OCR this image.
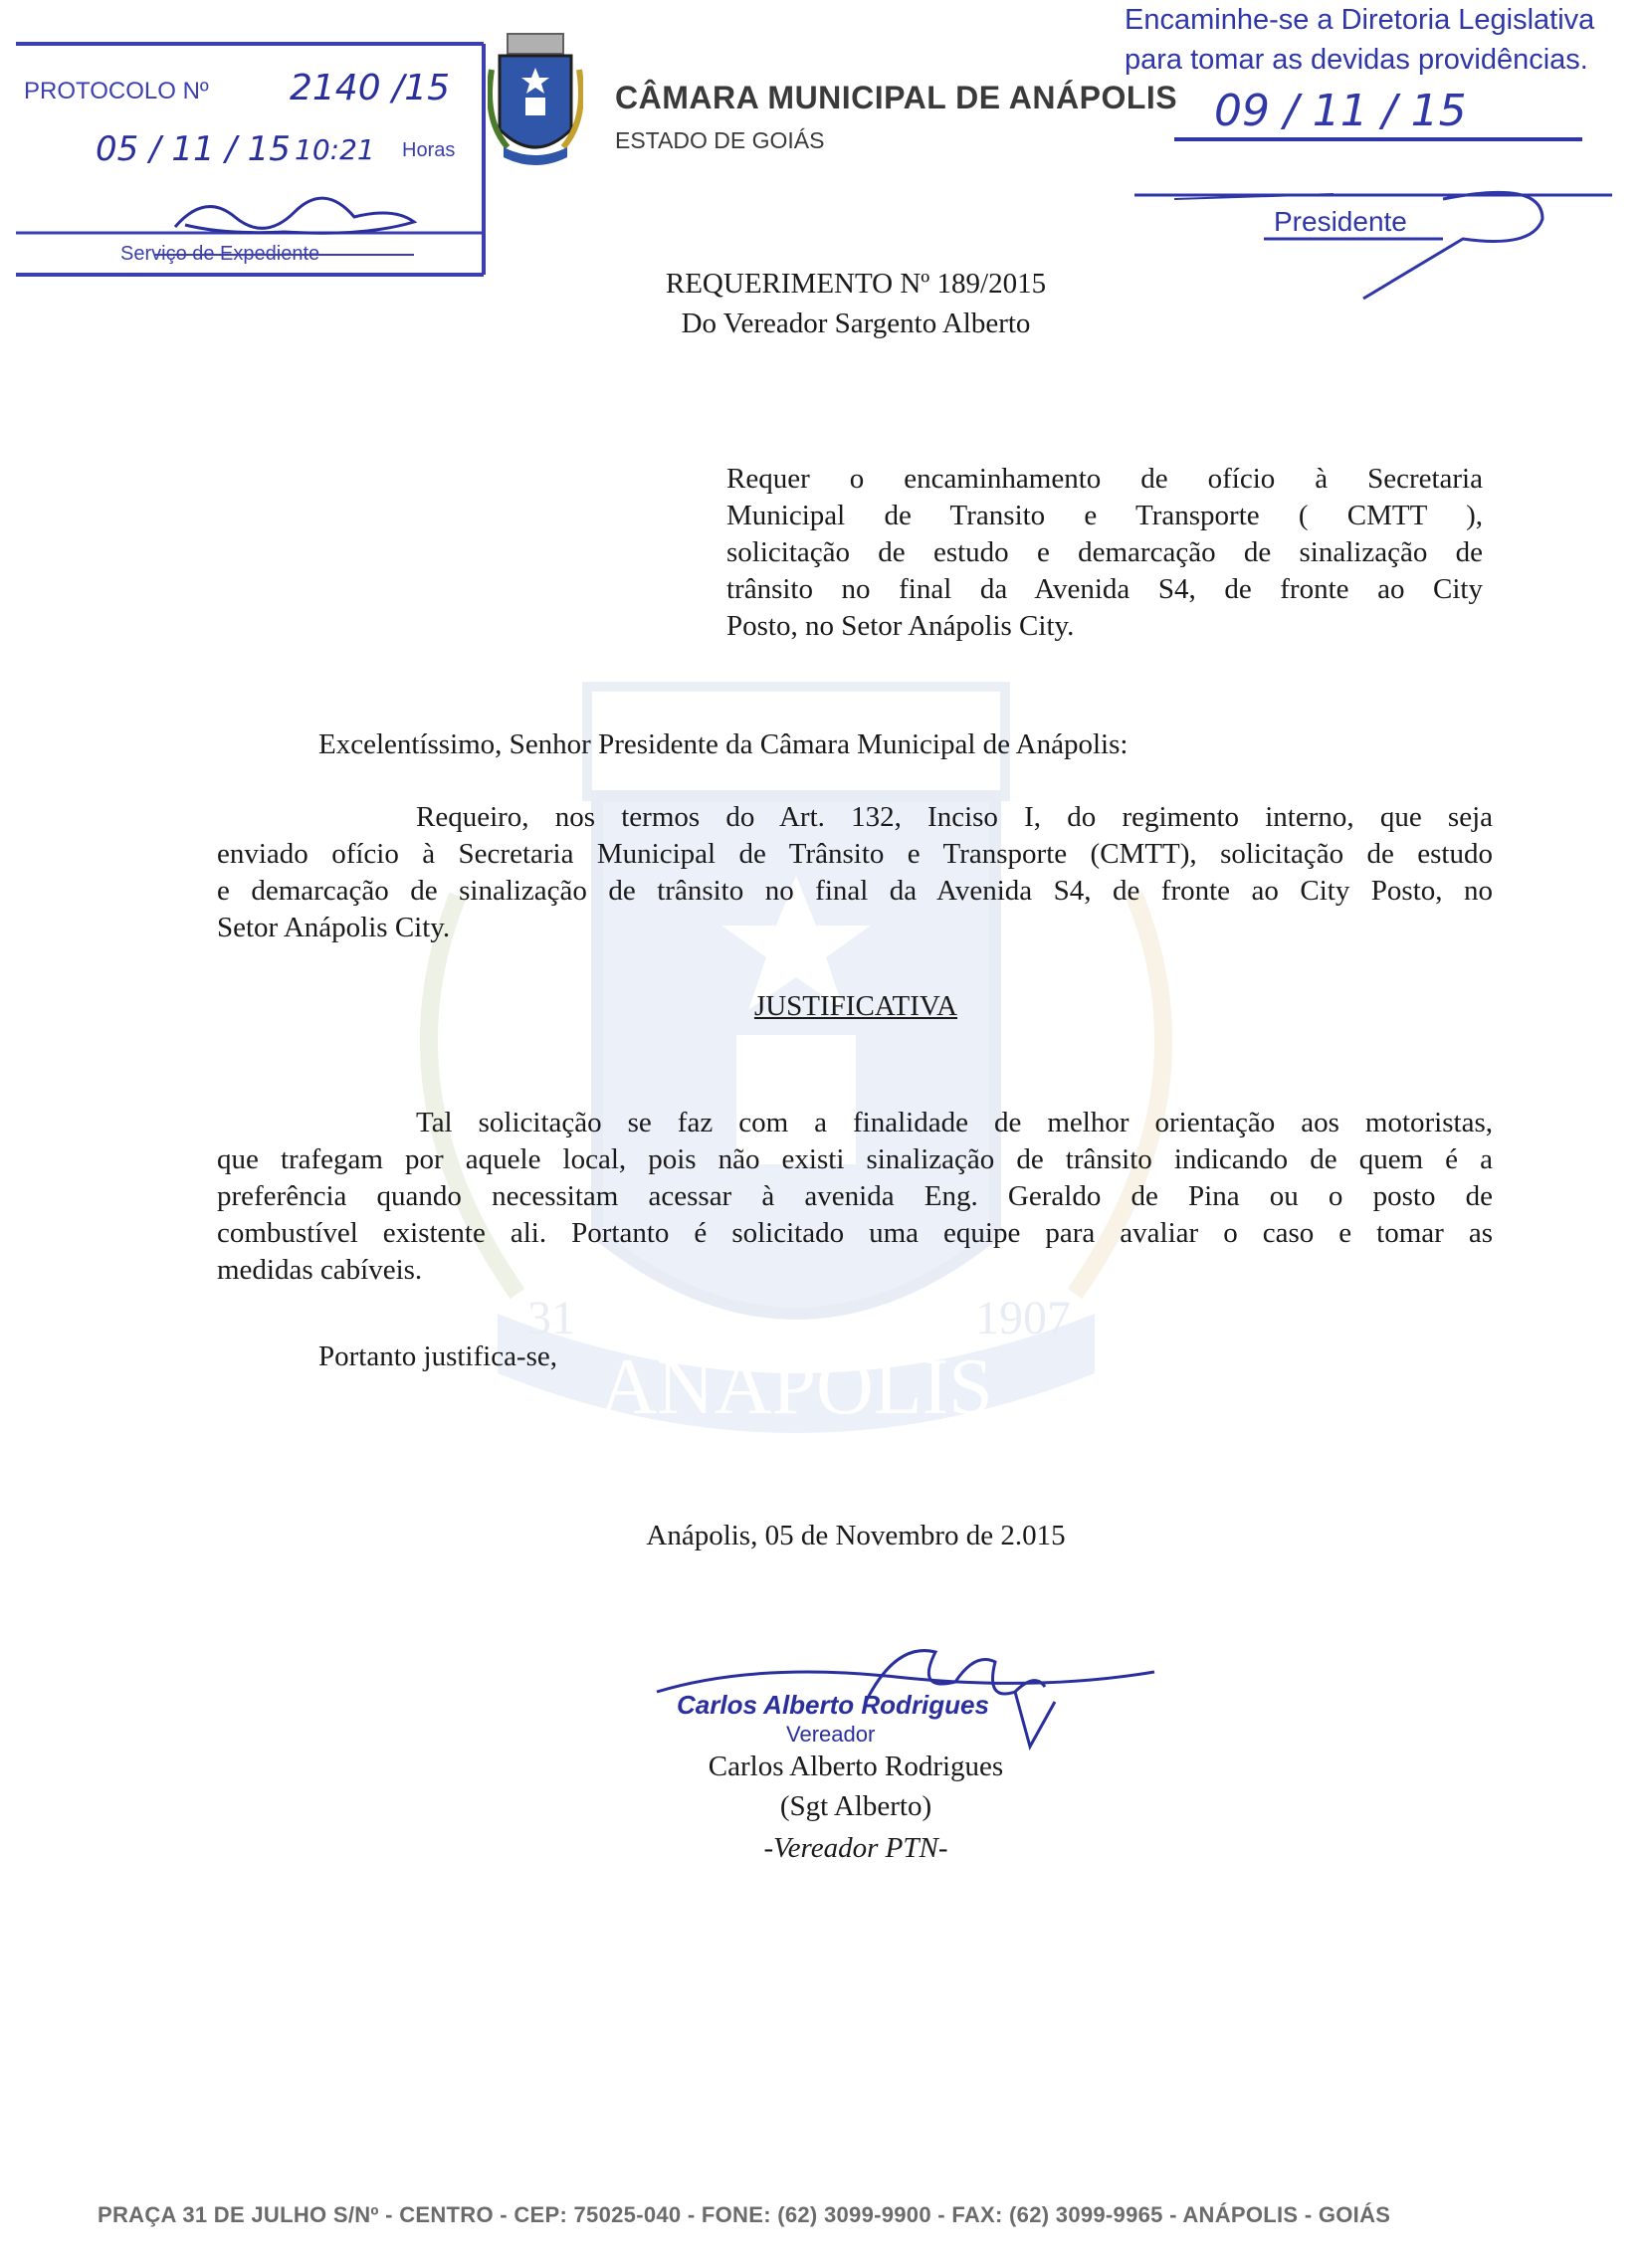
ANÁPOLIS
31	1907
PROTOCOLO Nº 2140 /15
05 / 11 / 15 10:21 Horas
Serviço de Expediente
CÂMARA MUNICIPAL DE ANÁPOLIS
ESTADO DE GOIÁS
Encaminhe-se a Diretoria Legislativa
para tomar as devidas providências.
09 / 11 / 15
Presidente
REQUERIMENTO Nº 189/2015
Do Vereador Sargento Alberto
Requer o encaminhamento de ofício à Secretaria
Municipal de Transito e Transporte ( CMTT ),
solicitação de estudo e demarcação de sinalização de
trânsito no final da Avenida S4, de fronte ao City
Posto, no Setor Anápolis City.
Excelentíssimo, Senhor Presidente da Câmara Municipal de Anápolis:
Requeiro, nos termos do Art. 132, Inciso I, do regimento interno, que seja
enviado ofício à Secretaria Municipal de Trânsito e Transporte (CMTT), solicitação de estudo
e demarcação de sinalização de trânsito no final da Avenida S4, de fronte ao City Posto, no
Setor Anápolis City.
JUSTIFICATIVA
Tal solicitação se faz com a finalidade de melhor orientação aos motoristas,
que trafegam por aquele local, pois não existi sinalização de trânsito indicando de quem é a
preferência quando necessitam acessar à avenida Eng. Geraldo de Pina ou o posto de
combustível existente ali. Portanto é solicitado uma equipe para avaliar o caso e tomar as
medidas cabíveis.
Portanto justifica-se,
Anápolis, 05 de Novembro de 2.015
Carlos Alberto Rodrigues
Vereador
Carlos Alberto Rodrigues
(Sgt Alberto)
-Vereador PTN-
PRAÇA 31 DE JULHO S/Nº - CENTRO - CEP: 75025-040 - FONE: (62) 3099-9900 - FAX: (62) 3099-9965 - ANÁPOLIS - GOIÁS
